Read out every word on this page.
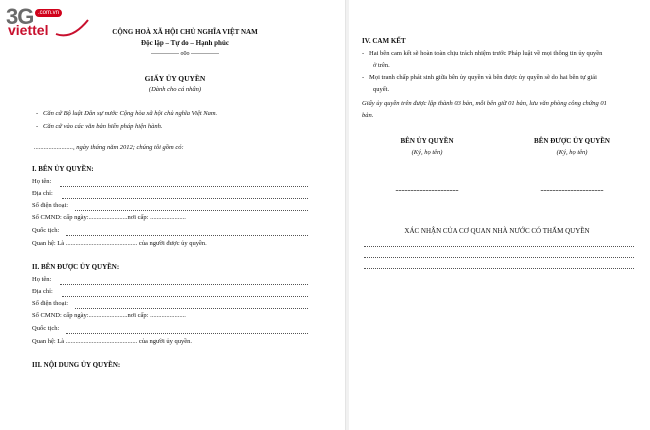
3G .com.vn
viettel	CỘNG HOÀ XÃ HỘI CHỦ NGHĨA VIỆT NAM
Độc lập – Tự do – Hạnh phúc
-------------- o0o --------------
GIẤY ỦY QUYỀN
(Dành cho cá nhân)
-   Căn cứ Bộ luật Dân sự nước Cộng hòa xã hội chủ nghĩa Việt Nam.
-   Căn cứ vào các văn bản hiến pháp hiện hành.
........................, ngày tháng năm 2012; chúng tôi gồm có:
I. BÊN ỦY QUYỀN:
Họ tên:
Địa chỉ:
Số điện thoại:
Số CMND: cấp ngày:........................nơi cấp: ......................
Quốc tịch:
Quan hệ: Là ............................................ của người được ủy quyền.
II. BÊN ĐƯỢC ỦY QUYỀN:
Họ tên:
Địa chỉ:
Số điện thoại:
Số CMND: cấp ngày:........................nơi cấp: ......................
Quốc tịch:
Quan hệ: Là ............................................ của người ủy quyền.
III. NỘI DUNG ỦY QUYỀN:
IV. CAM KẾT
-   Hai bên cam kết sẽ hoàn toàn chịu trách nhiệm trước Pháp luật về mọi thông tin ủy quyền
ở trên.
-   Mọi tranh chấp phát sinh giữa bên ủy quyền và bên được ủy quyền sẽ do hai bên tự giải
quyết.
Giấy ủy quyền trên được lập thành 03 bản, mỗi bên giữ 01 bản, lưu văn phòng công chứng 01
bản.
BÊN ỦY QUYỀN
(Ký, họ tên)
..........................................
BÊN ĐƯỢC ỦY QUYỀN
(Ký, họ tên)
..........................................
XÁC NHẬN CỦA CƠ QUAN NHÀ NƯỚC CÓ THẨM QUYỀN
